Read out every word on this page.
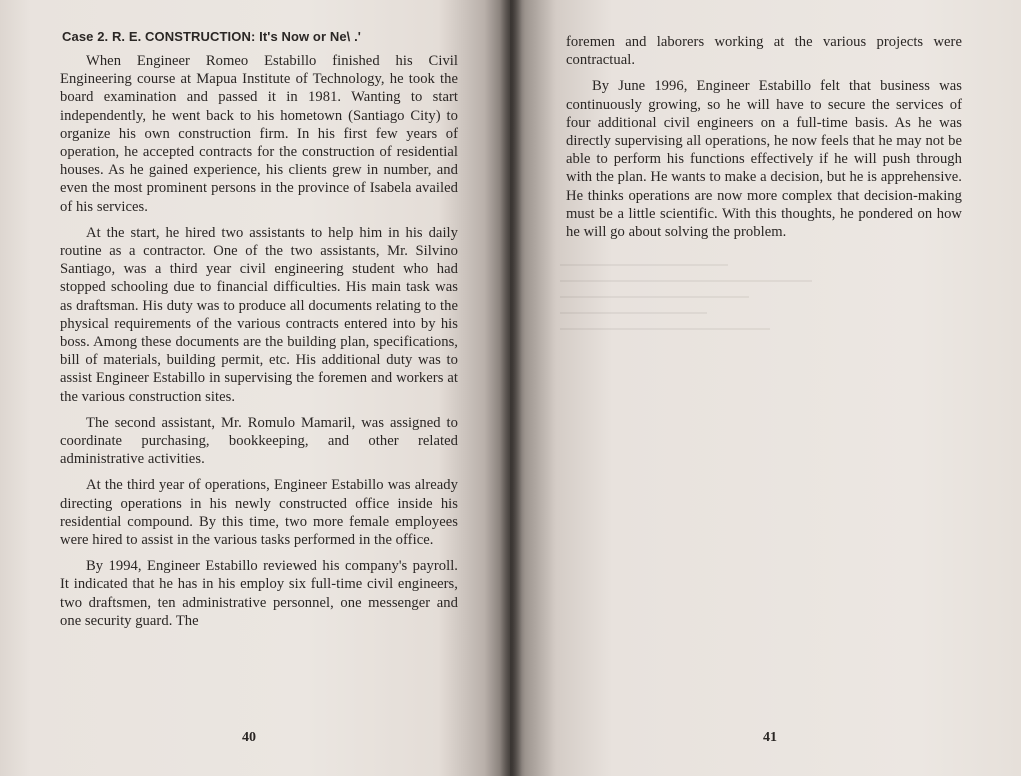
Case 2. R. E. CONSTRUCTION: It's Now or Ne\ .'

When Engineer Romeo Estabillo finished his Civil Engineering course at Mapua Institute of Technology, he took the board examination and passed it in 1981. Wanting to start independently, he went back to his hometown (Santiago City) to organize his own construction firm. In his first few years of operation, he accepted contracts for the construction of residential houses. As he gained experience, his clients grew in number, and even the most prominent persons in the province of Isabela availed of his services.

At the start, he hired two assistants to help him in his daily routine as a contractor. One of the two assistants, Mr. Silvino Santiago, was a third year civil engineering student who had stopped schooling due to financial difficulties. His main task was as draftsman. His duty was to produce all documents relating to the physical requirements of the various contracts entered into by his boss. Among these documents are the building plan, specifications, bill of materials, building permit, etc. His additional duty was to assist Engineer Estabillo in supervising the foremen and workers at the various construction sites.

The second assistant, Mr. Romulo Mamaril, was assigned to coordinate purchasing, bookkeeping, and other related administrative activities.

At the third year of operations, Engineer Estabillo was already directing operations in his newly constructed office inside his residential compound. By this time, two more female employees were hired to assist in the various tasks performed in the office.

By 1994, Engineer Estabillo reviewed his company's payroll. It indicated that he has in his employ six full-time civil engineers, two draftsmen, ten administrative personnel, one messenger and one security guard. The

40

foremen and laborers working at the various projects were contractual.

By June 1996, Engineer Estabillo felt that business was continuously growing, so he will have to secure the services of four additional civil engineers on a full-time basis. As he was directly supervising all operations, he now feels that he may not be able to perform his functions effectively if he will push through with the plan. He wants to make a decision, but he is apprehensive. He thinks operations are now more complex that decision-making must be a little scientific. With this thoughts, he pondered on how he will go about solving the problem.

41
